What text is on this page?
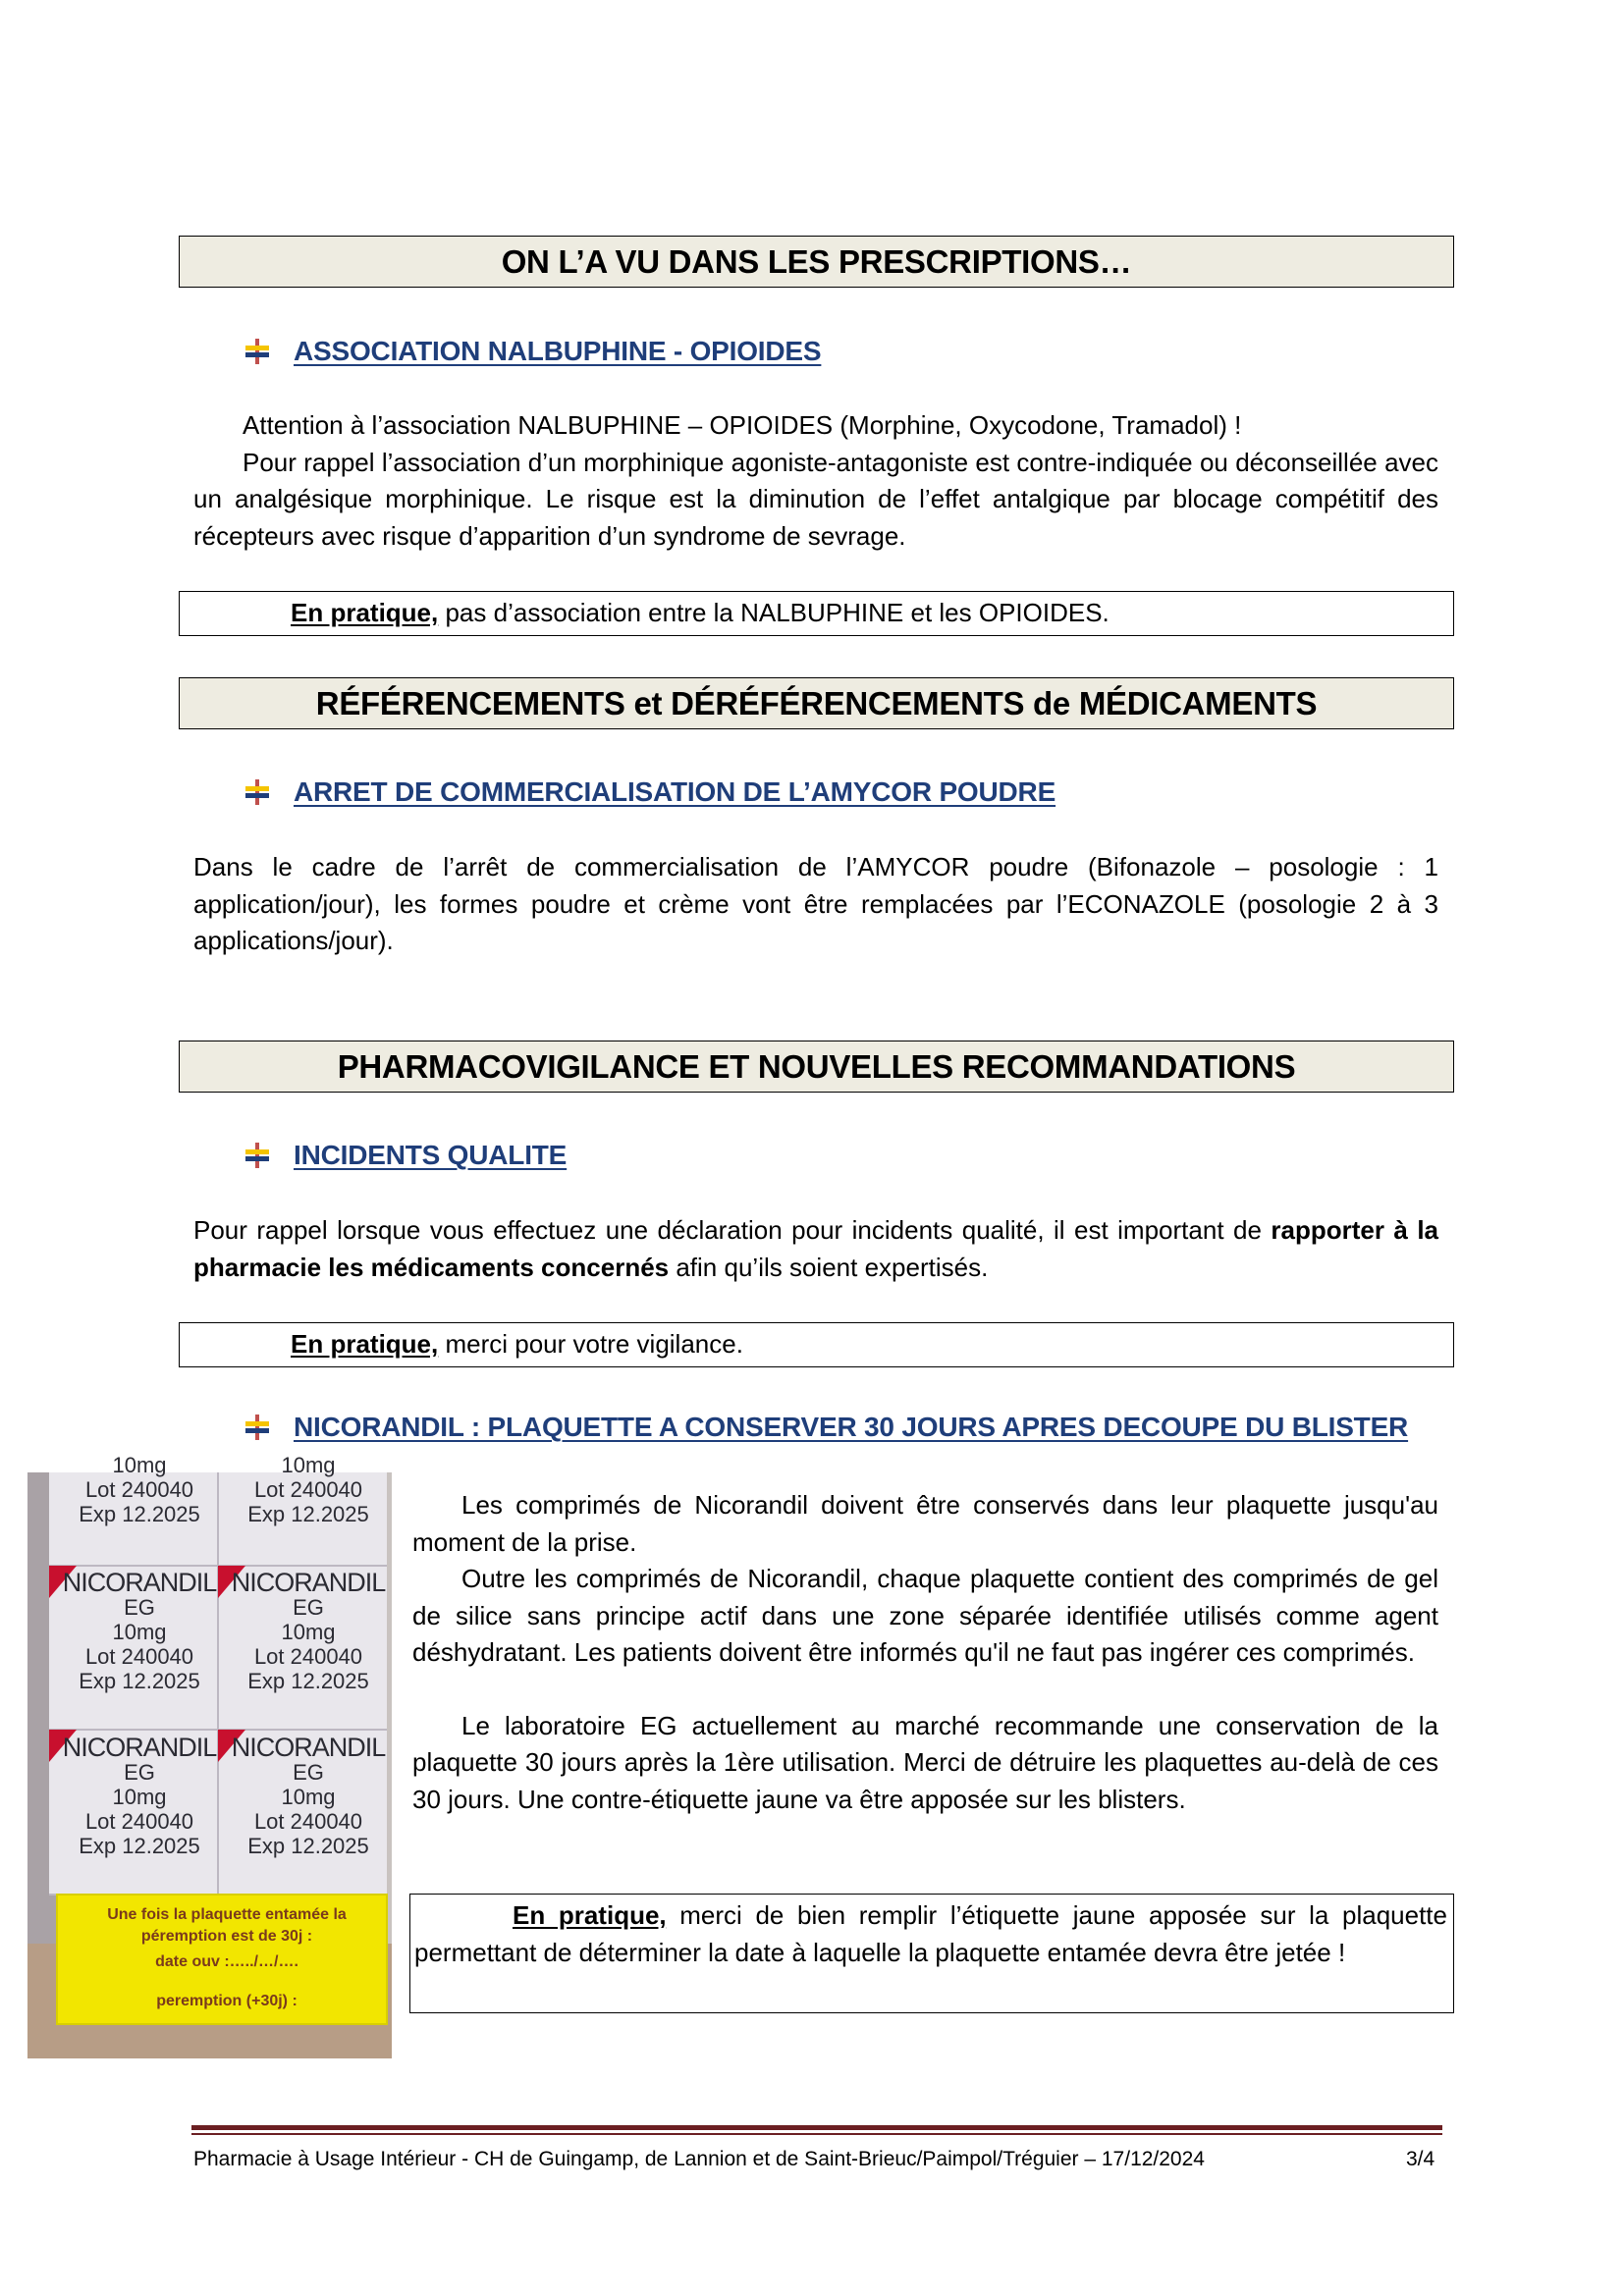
ON L’A VU DANS LES PRESCRIPTIONS…
ASSOCIATION NALBUPHINE - OPIOIDES

Attention à l’association NALBUPHINE – OPIOIDES (Morphine, Oxycodone, Tramadol) !

Pour rappel l’association d’un morphinique agoniste-antagoniste est contre-indiquée ou déconseillée avec un analgésique morphinique. Le risque est la diminution de l’effet antalgique par blocage compétitif des récepteurs avec risque d’apparition d’un syndrome de sevrage.

En pratique, pas d’association entre la NALBUPHINE et les OPIOIDES.
RÉFÉRENCEMENTS et DÉRÉFÉRENCEMENTS de MÉDICAMENTS
ARRET DE COMMERCIALISATION DE L’AMYCOR POUDRE

Dans le cadre de l’arrêt de commercialisation de l’AMYCOR poudre (Bifonazole – posologie : 1 application/jour), les formes poudre et crème vont être remplacées par l’ECONAZOLE (posologie 2 à 3 applications/jour).

PHARMACOVIGILANCE ET NOUVELLES RECOMMANDATIONS
INCIDENTS QUALITE

Pour rappel lorsque vous effectuez une déclaration pour incidents qualité, il est important de rapporter à la pharmacie les médicaments concernés afin qu’ils soient expertisés.

En pratique, merci pour votre vigilance.
NICORANDIL : PLAQUETTE A CONSERVER 30 JOURS APRES DECOUPE DU BLISTER

10mg
Lot 240040
Exp 12.2025

10mg
Lot 240040
Exp 12.2025
NICORANDIL
EG
10mg
Lot 240040
Exp 12.2025
NICORANDIL
EG
10mg
Lot 240040
Exp 12.2025
NICORANDIL
EG
10mg
Lot 240040
Exp 12.2025
NICORANDIL
EG
10mg
Lot 240040
Exp 12.2025
Une fois la plaquette entamée la
péremption est de 30j :
date ouv :…../…/….
peremption (+30j) :

Les comprimés de Nicorandil doivent être conservés dans leur plaquette jusqu'au moment de la prise.

Outre les comprimés de Nicorandil, chaque plaquette contient des comprimés de gel de silice sans principe actif dans une zone séparée identifiée utilisés comme agent déshydratant. Les patients doivent être informés qu'il ne faut pas ingérer ces comprimés.

Le laboratoire EG actuellement au marché recommande une conservation de la plaquette 30 jours après la 1ère utilisation. Merci de détruire les plaquettes au-delà de ces 30 jours. Une contre-étiquette jaune va être apposée sur les blisters.

En pratique, merci de bien remplir l’étiquette jaune apposée sur la plaquette permettant de déterminer la date à laquelle la plaquette entamée devra être jetée !
Pharmacie à Usage Intérieur - CH de Guingamp, de Lannion et de Saint-Brieuc/Paimpol/Tréguier – 17/12/2024	3/4
